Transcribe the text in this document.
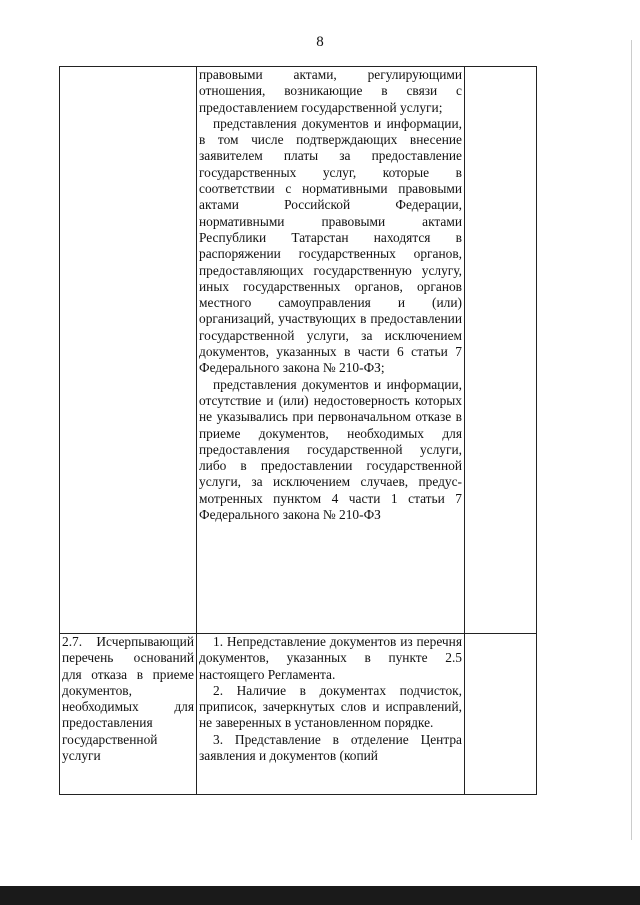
8

	правовыми актами, регулирующими отношения, возникающие в связи с предоставлением государственной услуги;

представления документов и информации, в том числе подтверждающих внесение заявителем платы за предоставление государственных услуг, которые в соответствии с нормативными правовыми актами Российской Федерации, нормативными правовыми актами Республики Татарстан находятся в распоряжении государственных органов, предоставляющих государственную услугу, иных государственных органов, органов местного самоуправления и (или) организаций, участвующих в предоставлении государственной услуги, за исключением документов, указанных в части 6 статьи 7 Федерального закона № 210-ФЗ;

представления документов и информации, отсутствие и (или) недостоверность которых не указывались при первоначальном отказе в приеме документов, необходимых для предоставления государственной услуги, либо в предоставлении государственной услуги, за исключением случаев, предус-мотренных пунктом 4 части 1 статьи 7 Федерального закона № 210-ФЗ	

2.7. Исчерпывающий перечень оснований для отказа в приеме документов, необходимых для предоставления государственной услуги	1. Непредставление документов из перечня документов, указанных в пункте 2.5 настоящего Регламента.

2. Наличие в документах подчисток, приписок, зачеркнутых слов и исправлений, не заверенных в установленном порядке.

3. Представление в отделение Центра заявления и документов (копий	
